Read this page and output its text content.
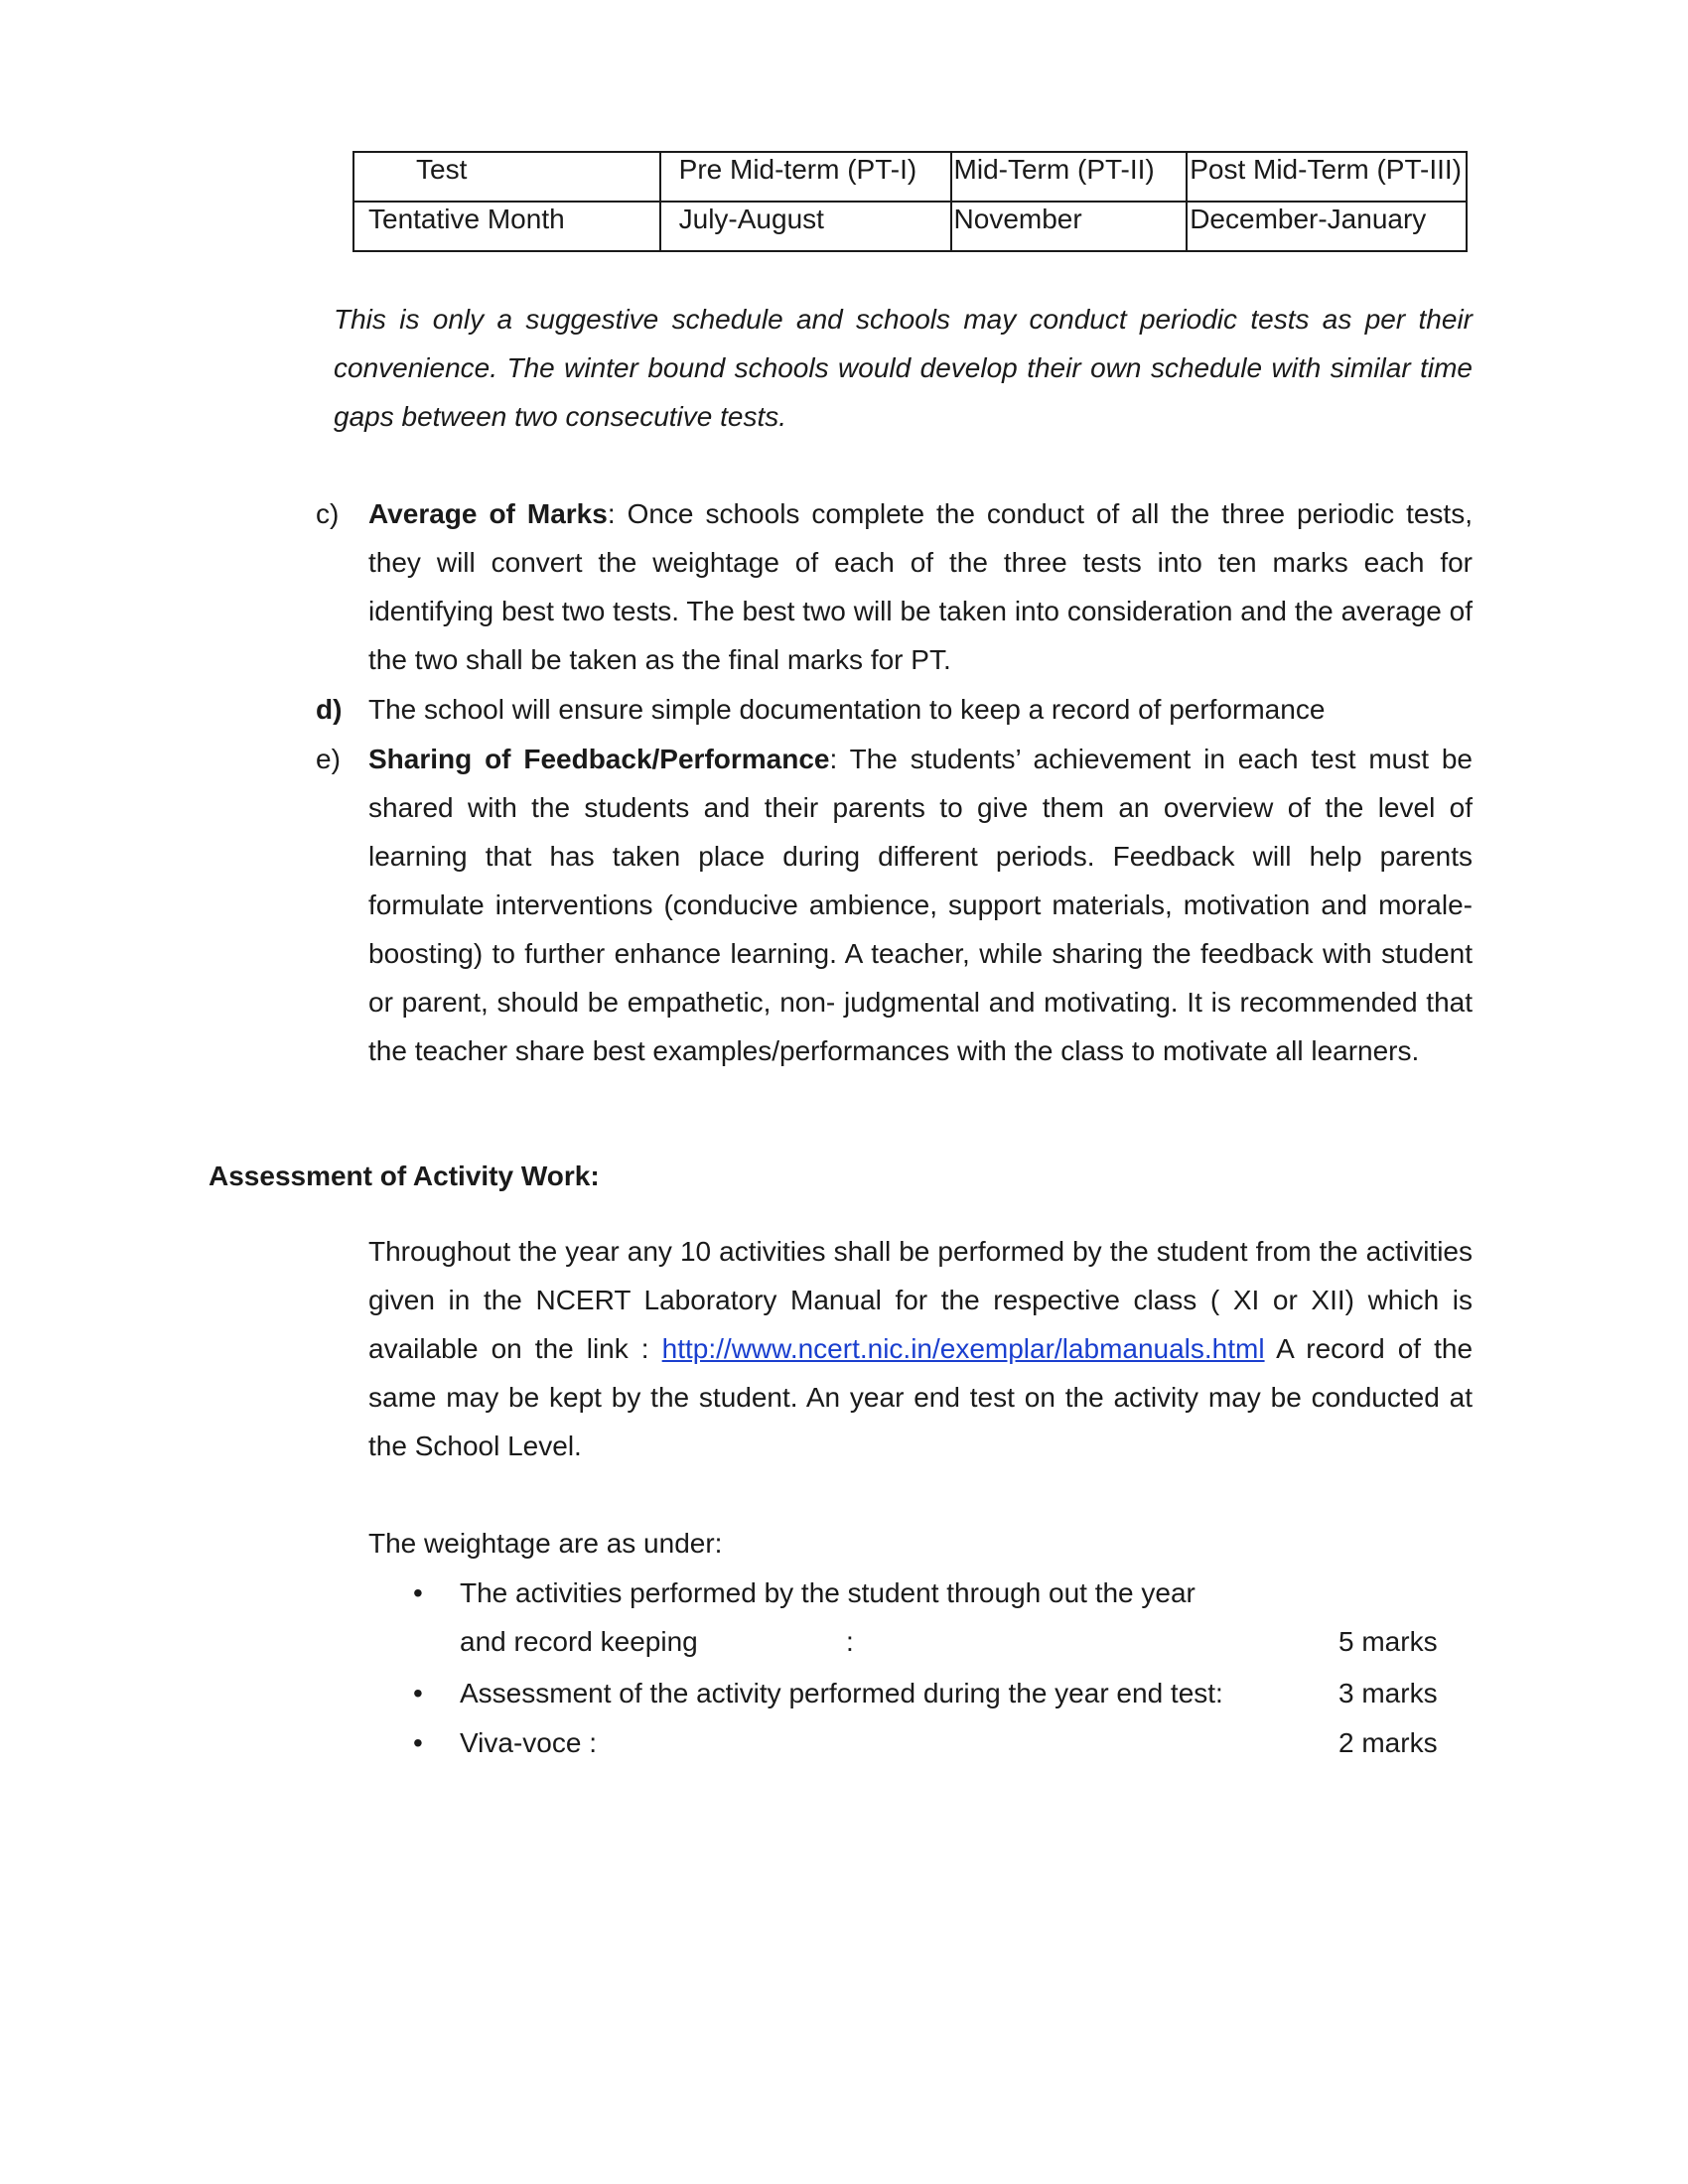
Test	Pre Mid-term (PT-I)	Mid-Term (PT-II)	Post Mid-Term (PT-III)
Tentative Month	July-August	November	December-January
This is only a suggestive schedule and schools may conduct periodic tests as per their convenience. The winter bound schools would develop their own schedule with similar time gaps between two consecutive tests.
c)	Average of Marks: Once schools complete the conduct of all the three periodic tests, they will convert the weightage of each of the three tests into ten marks each for identifying best two tests. The best two will be taken into consideration and the average of the two shall be taken as the final marks for PT.
d) The school will ensure simple documentation to keep a record of performance
e)	Sharing of Feedback/Performance: The students’ achievement in each test must be shared with the students and their parents to give them an overview of the level of learning that has taken place during different periods. Feedback will help parents formulate interventions (conducive ambience, support materials, motivation and morale-boosting) to further enhance learning. A teacher, while sharing the feedback with student or parent, should be empathetic, non- judgmental and motivating. It is recommended that the teacher share best examples/performances with the class to motivate all learners.
Assessment of Activity Work:
Throughout the year any 10 activities shall be performed by the student from the activities given in the NCERT Laboratory Manual for the respective class ( XI or XII) which is available on the link : http://www.ncert.nic.in/exemplar/labmanuals.html A record of the same may be kept by the student. An year end test on the activity may be conducted at the School Level.
The weightage are as under:
• The activities performed by the student through out the year
and record keeping	:	5 marks
• Assessment of the activity performed during the year end test:	3 marks
• Viva-voce :	2 marks
